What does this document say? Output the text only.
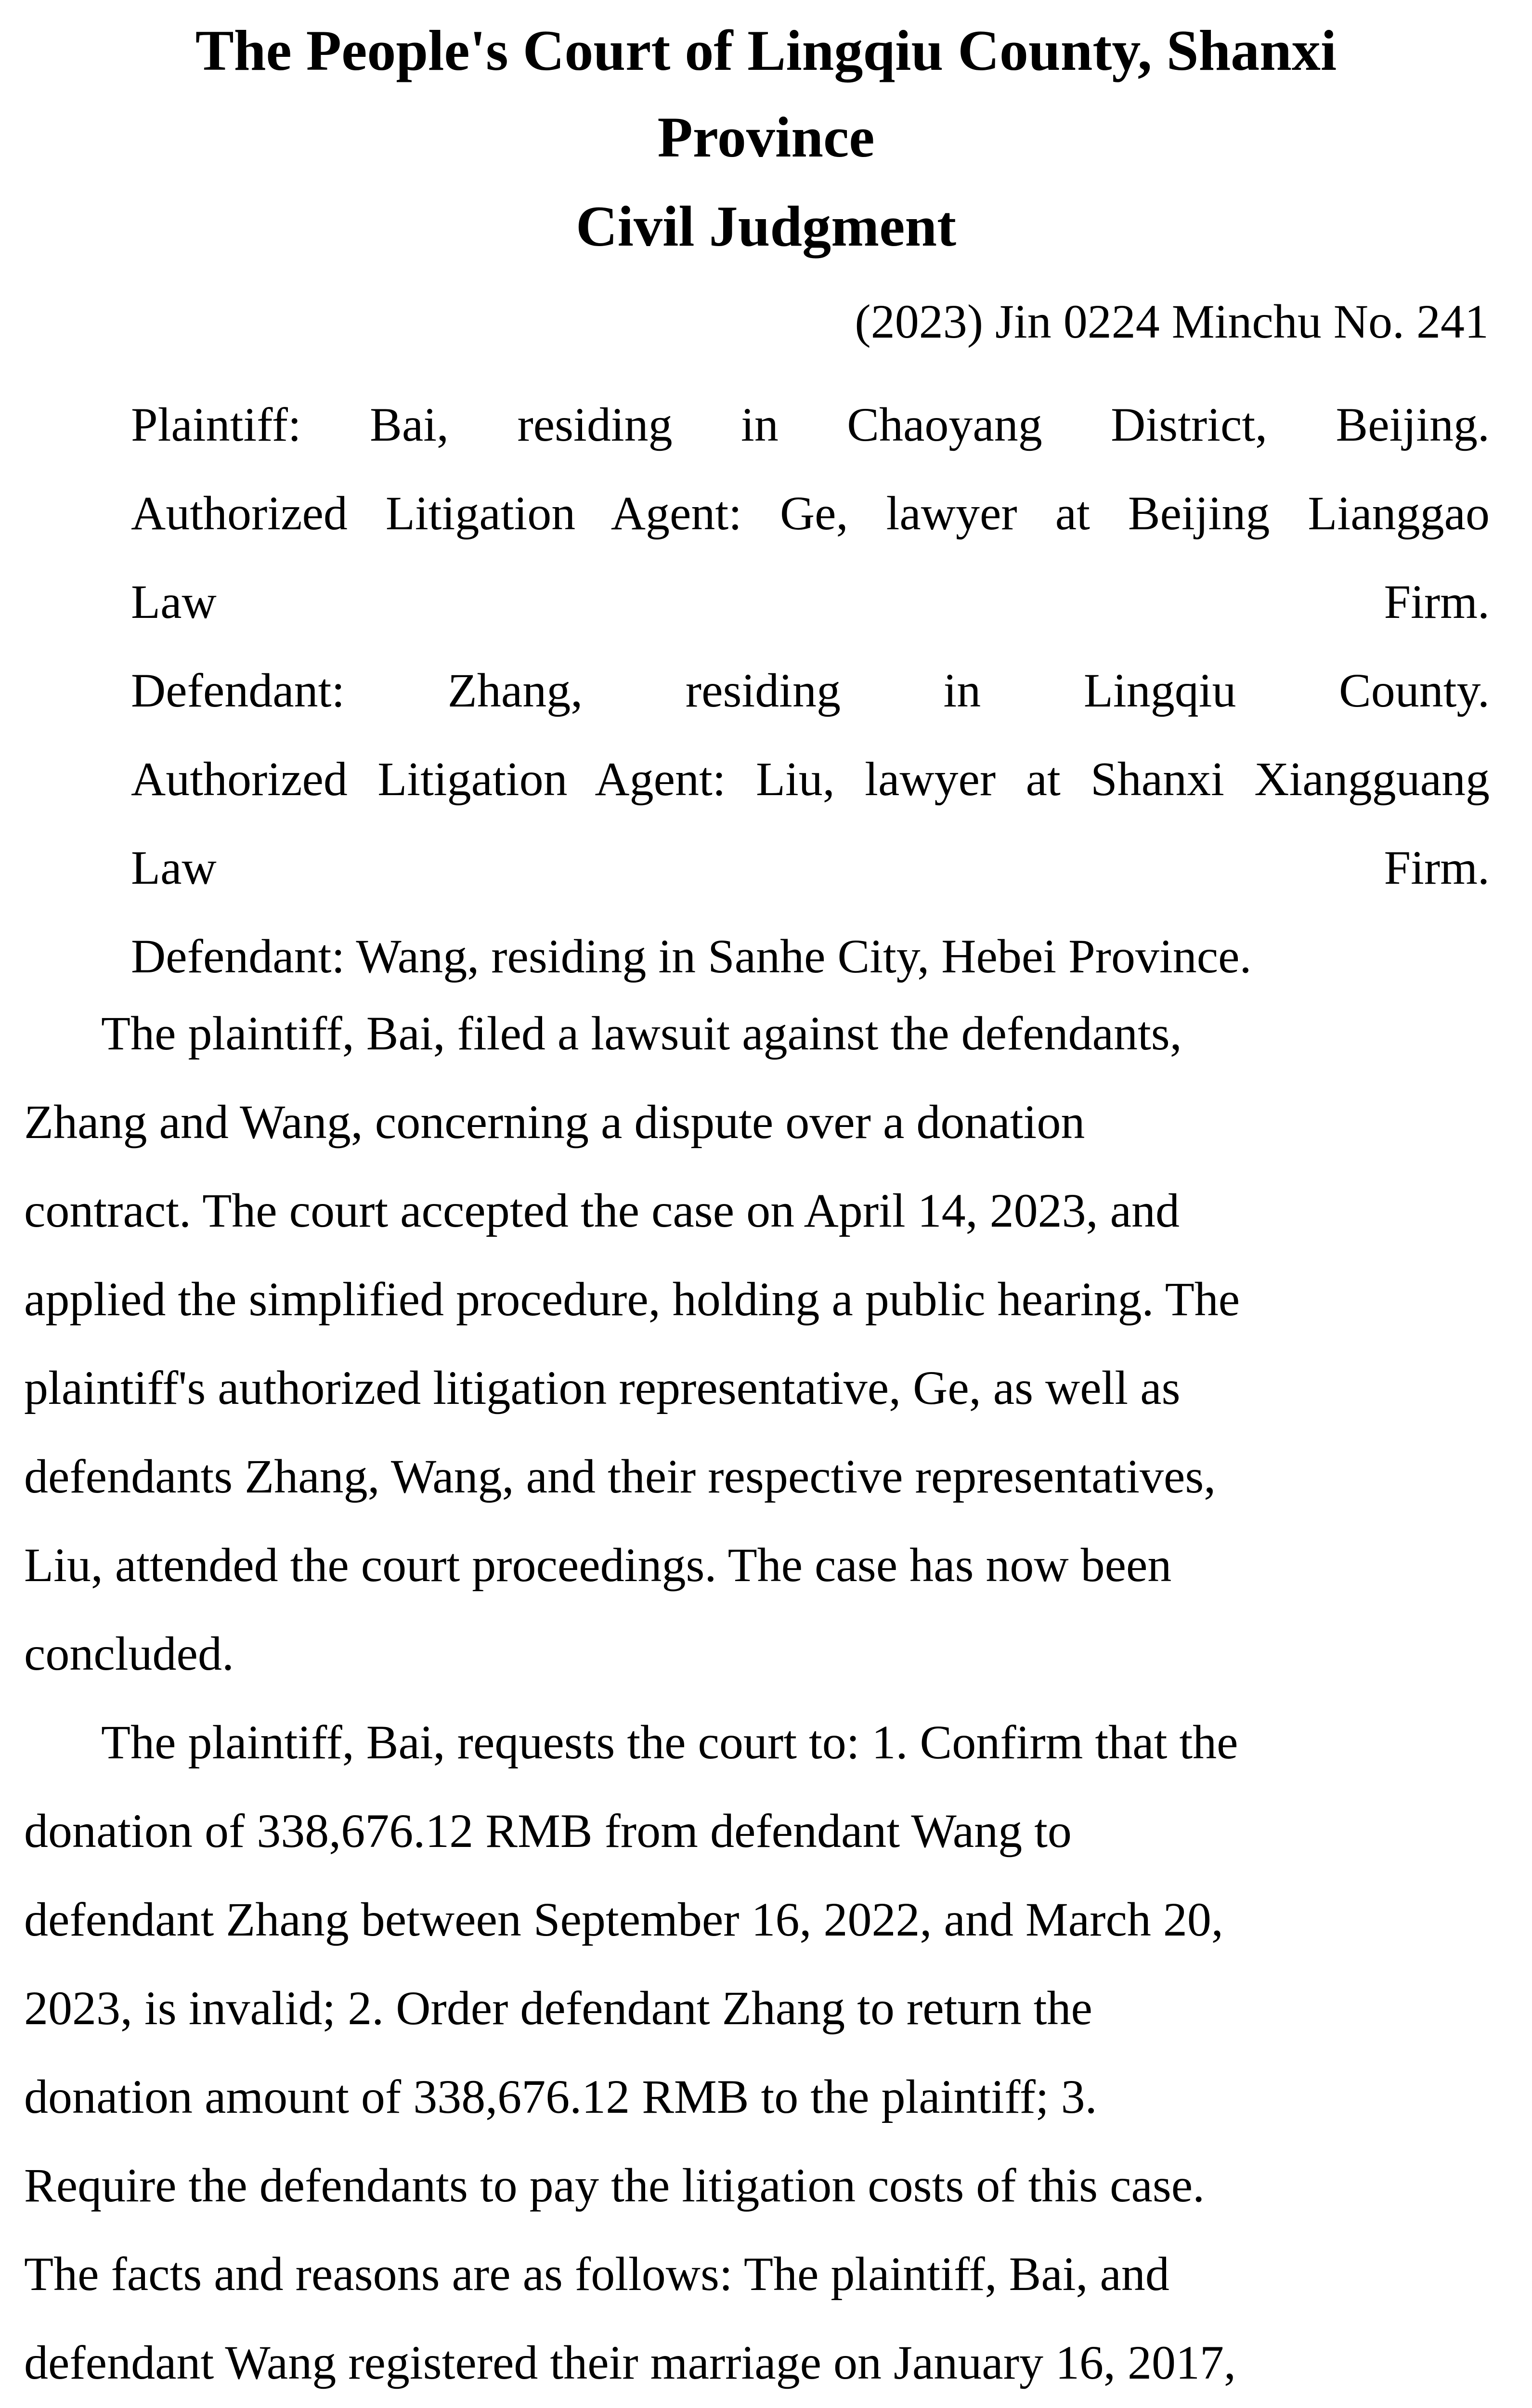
The People's Court of Lingqiu County, Shanxi
Province
Civil Judgment
(2023) Jin 0224 Minchu No. 241
Plaintiff: Bai, residing in Chaoyang District, Beijing.
Authorized Litigation Agent: Ge, lawyer at Beijing Lianggao
Law Firm.
Defendant: Zhang, residing in Lingqiu County.
Authorized Litigation Agent: Liu, lawyer at Shanxi Xiangguang
Law Firm.
Defendant: Wang, residing in Sanhe City, Hebei Province.
The plaintiff, Bai, filed a lawsuit against the defendants,
Zhang and Wang, concerning a dispute over a donation
contract. The court accepted the case on April 14, 2023, and
applied the simplified procedure, holding a public hearing. The
plaintiff's authorized litigation representative, Ge, as well as
defendants Zhang, Wang, and their respective representatives,
Liu, attended the court proceedings. The case has now been
concluded.
The plaintiff, Bai, requests the court to: 1. Confirm that the
donation of 338,676.12 RMB from defendant Wang to
defendant Zhang between September 16, 2022, and March 20,
2023, is invalid; 2. Order defendant Zhang to return the
donation amount of 338,676.12 RMB to the plaintiff; 3.
Require the defendants to pay the litigation costs of this case.
The facts and reasons are as follows: The plaintiff, Bai, and
defendant Wang registered their marriage on January 16, 2017,
